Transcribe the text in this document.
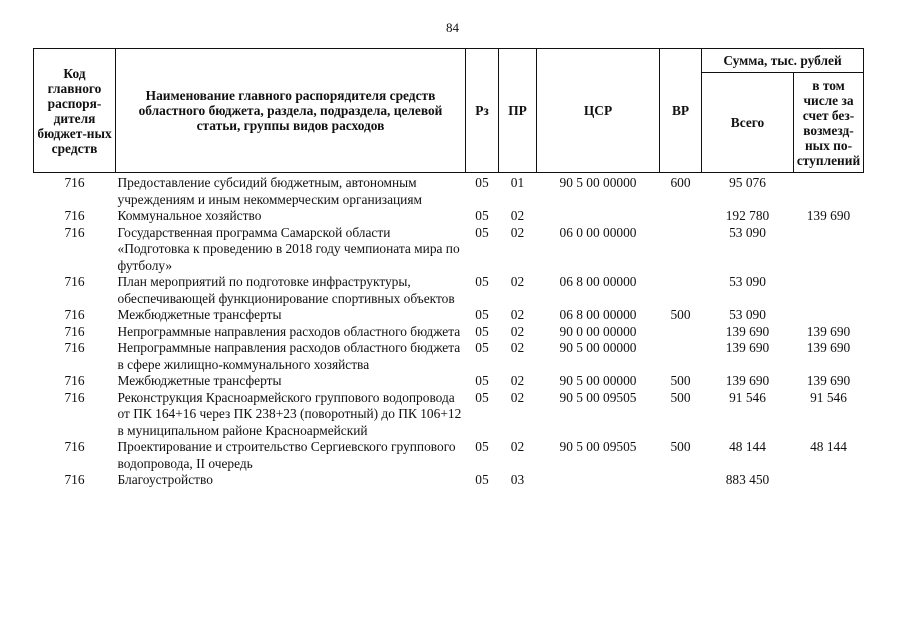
84
Код главного распоря-дителя бюджет-ных средств	Наименование главного распорядителя средств областного бюджета, раздела, подраздела, целевой статьи, группы видов расходов	Рз	ПР	ЦСР	ВР	Сумма, тыс. рублей	
						Всего	в том числе за счет без-возмезд-ных по-ступлений
716	Предоставление субсидий бюджетным, автономным учреждениям и иным некоммерческим организациям	05	01	90 5 00 00000	600	95 076	
716	Коммунальное хозяйство	05	02			192 780	139 690
716	Государственная программа Самарской области «Подготовка к проведению в 2018 году чемпионата мира по футболу»	05	02	06 0 00 00000		53 090	
716	План мероприятий по подготовке инфраструктуры, обеспечивающей функционирование спортивных объектов	05	02	06 8 00 00000		53 090	
716	Межбюджетные трансферты	05	02	06 8 00 00000	500	53 090	
716	Непрограммные направления расходов областного бюджета	05	02	90 0 00 00000		139 690	139 690
716	Непрограммные направления расходов областного бюджета в сфере жилищно-коммунального хозяйства	05	02	90 5 00 00000		139 690	139 690
716	Межбюджетные трансферты	05	02	90 5 00 00000	500	139 690	139 690
716	Реконструкция Красноармейского группового водопровода от ПК 164+16 через ПК 238+23 (поворотный) до ПК 106+12 в муниципальном районе Красноармейский	05	02	90 5 00 09505	500	91 546	91 546
716	Проектирование и строительство Сергиевского группового водопровода, II очередь	05	02	90 5 00 09505	500	48 144	48 144
716	Благоустройство	05	03			883 450	
